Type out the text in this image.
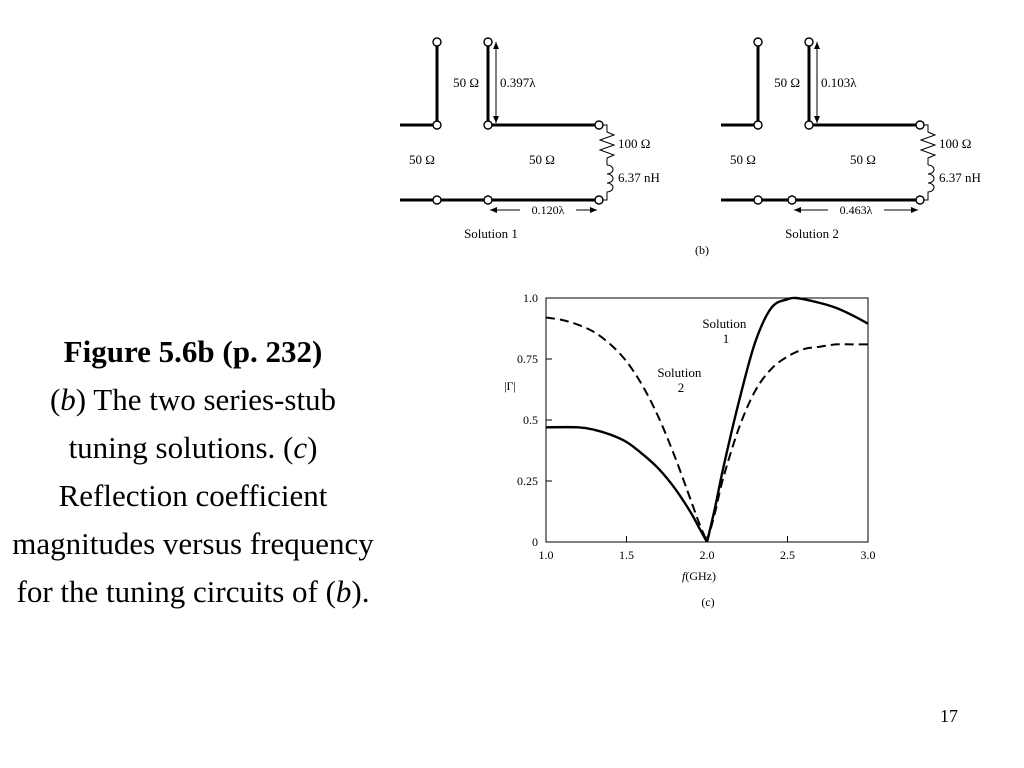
Figure 5.6b (p. 232)
(b) The two series-stub tuning solutions. (c) Reflection coefficient magnitudes versus frequency for the tuning circuits of (b).
17
50 Ω 0.397λ
50 Ω	50 Ω
100 Ω
6.37 nH
0.120λ
Solution 1
50 Ω 0.103λ
50 Ω	50 Ω
100 Ω
6.37 nH
0.463λ
Solution 2
(b)
1.0	1.5	2.0	2.5	3.0
0
0.25
0.5
0.75
1.0
f(GHz)
|Γ|
Solution 1
Solution 2
(c)
